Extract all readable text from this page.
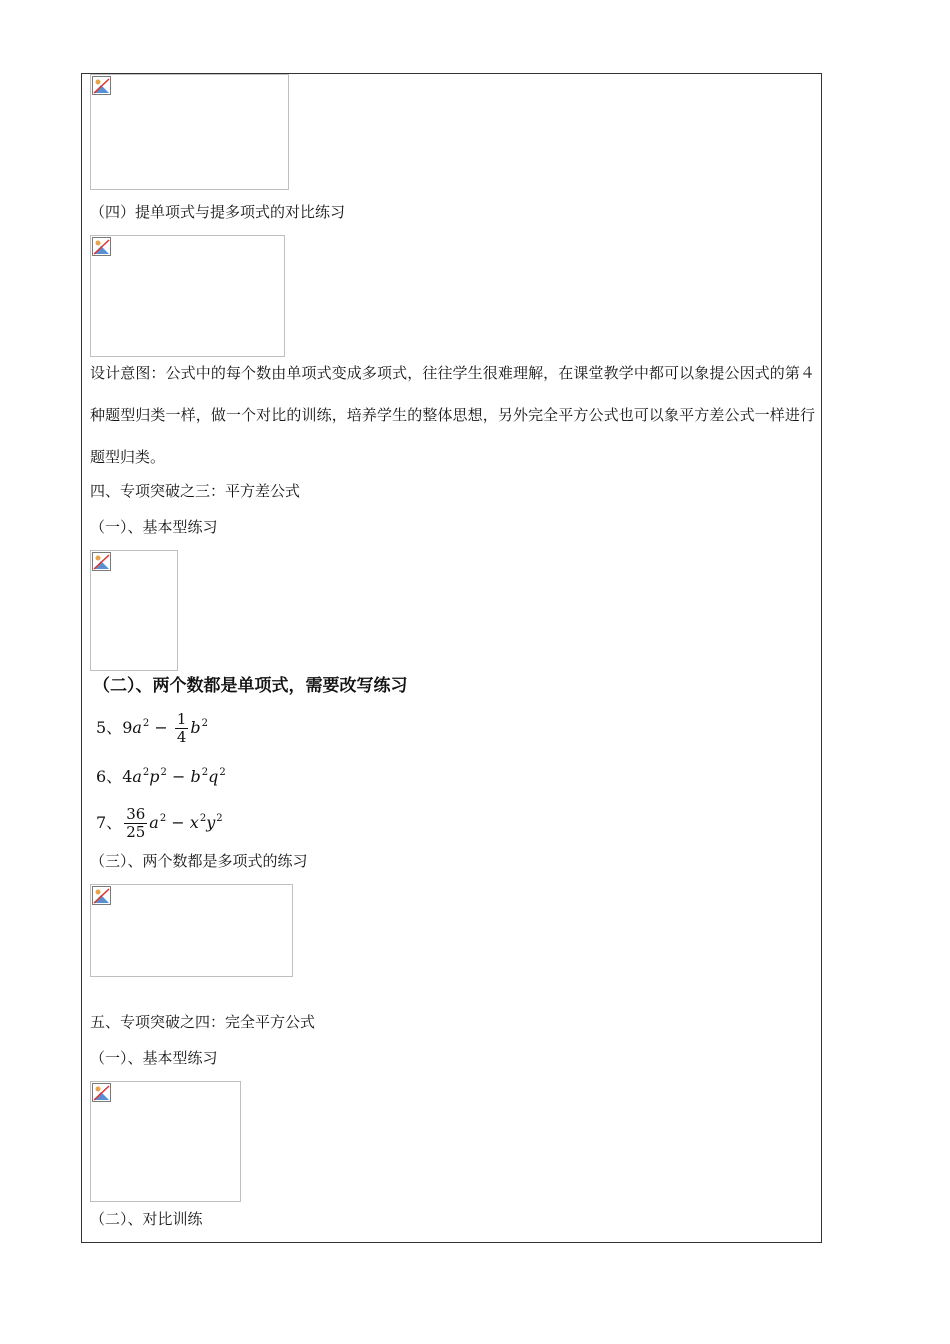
（四）提单项式与提多项式的对比练习
设计意图：公式中的每个数由单项式变成多项式，往往学生很难理解，在课堂教学中都可以象提公因式的第４种题型归类一样，做一个对比的训练，培养学生的整体思想，另外完全平方公式也可以象平方差公式一样进行题型归类。
四、专项突破之三：平方差公式
（一）、基本型练习
（二）、两个数都是单项式，需要改写练习
5、$9a^2 - \frac{1}{4} b^2$
6、$4a^2p^2 - b^2q^2$
7、 $\frac{36}{25} a^2 - x^2y^2$
（三）、两个数都是多项式的练习
五、专项突破之四：完全平方公式
（一）、基本型练习
（二）、对比训练
